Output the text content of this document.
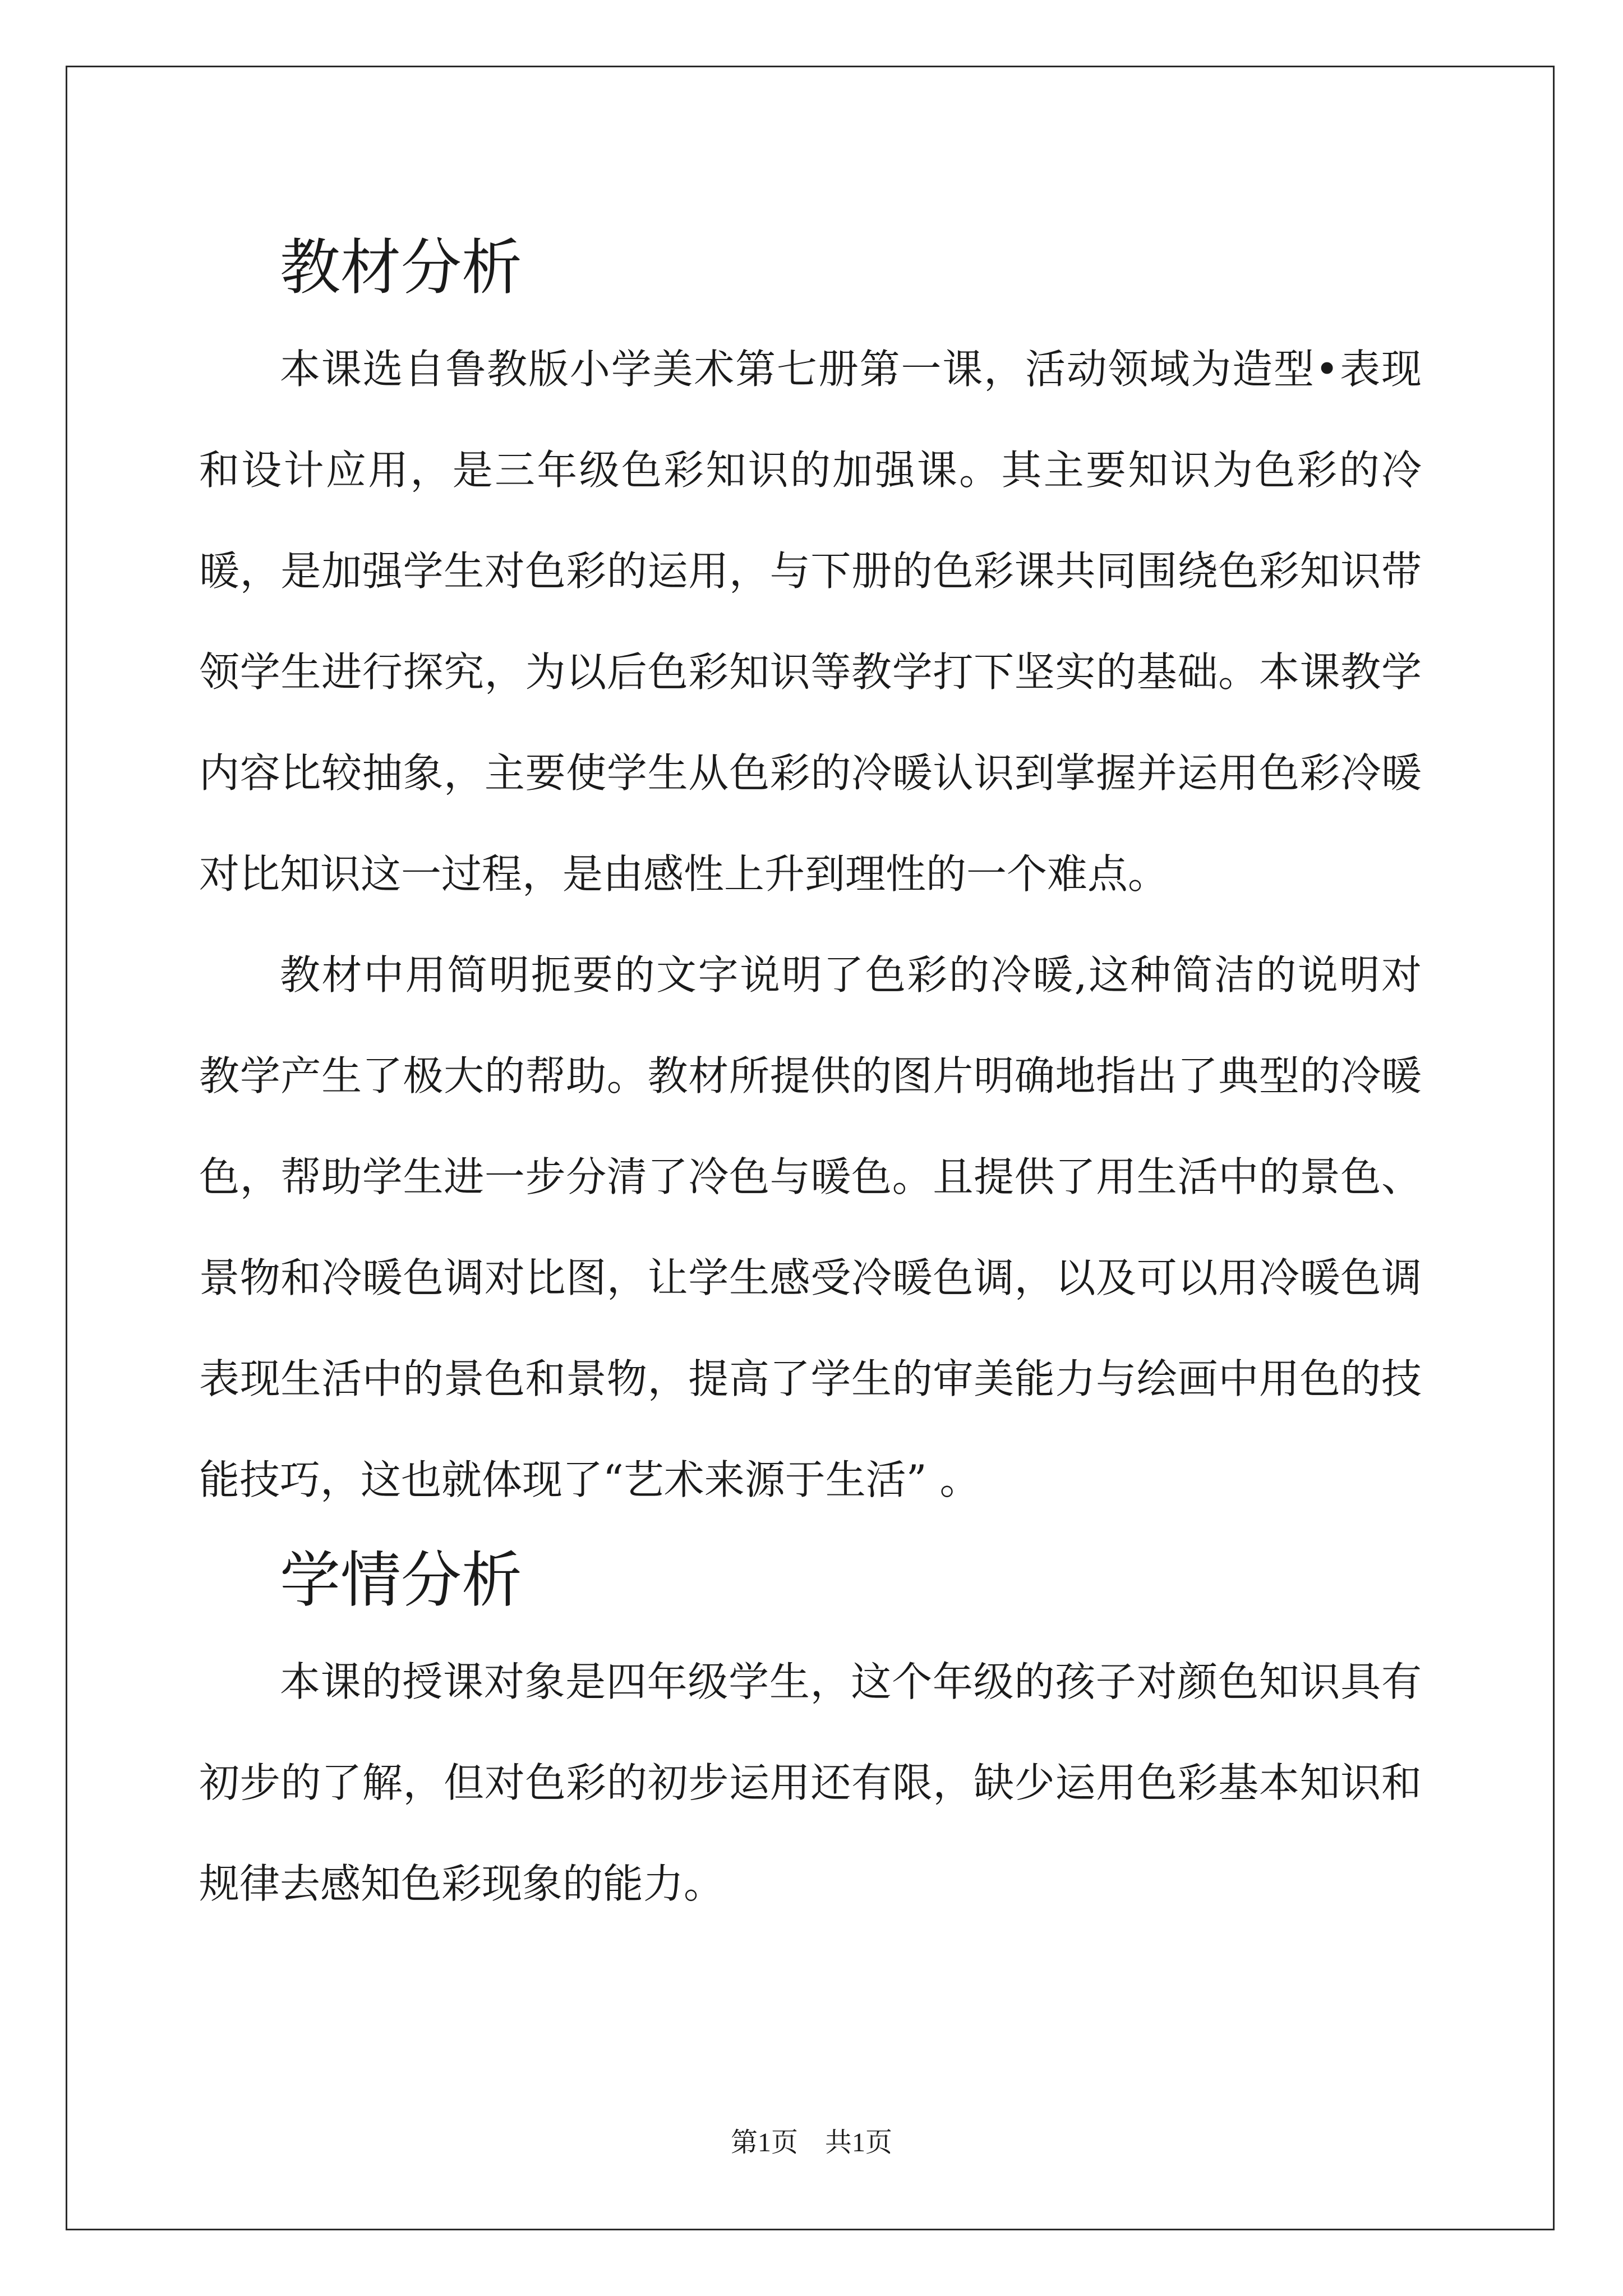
教材分析

本课选自鲁教版小学美术第七册第一课，活动领域为造型•表现和设计应用，是三年级色彩知识的加强课。其主要知识为色彩的冷暖，是加强学生对色彩的运用，与下册的色彩课共同围绕色彩知识带领学生进行探究，为以后色彩知识等教学打下坚实的基础。本课教学内容比较抽象，主要使学生从色彩的冷暖认识到掌握并运用色彩冷暖对比知识这一过程，是由感性上升到理性的一个难点。

教材中用简明扼要的文字说明了色彩的冷暖,这种简洁的说明对教学产生了极大的帮助。教材所提供的图片明确地指出了典型的冷暖色，帮助学生进一步分清了冷色与暖色。且提供了用生活中的景色、景物和冷暖色调对比图，让学生感受冷暖色调，以及可以用冷暖色调表现生活中的景色和景物，提高了学生的审美能力与绘画中用色的技能技巧，这也就体现了“艺术来源于生活” 。

学情分析

本课的授课对象是四年级学生，这个年级的孩子对颜色知识具有初步的了解，但对色彩的初步运用还有限，缺少运用色彩基本知识和规律去感知色彩现象的能力。

第1页　共1页
